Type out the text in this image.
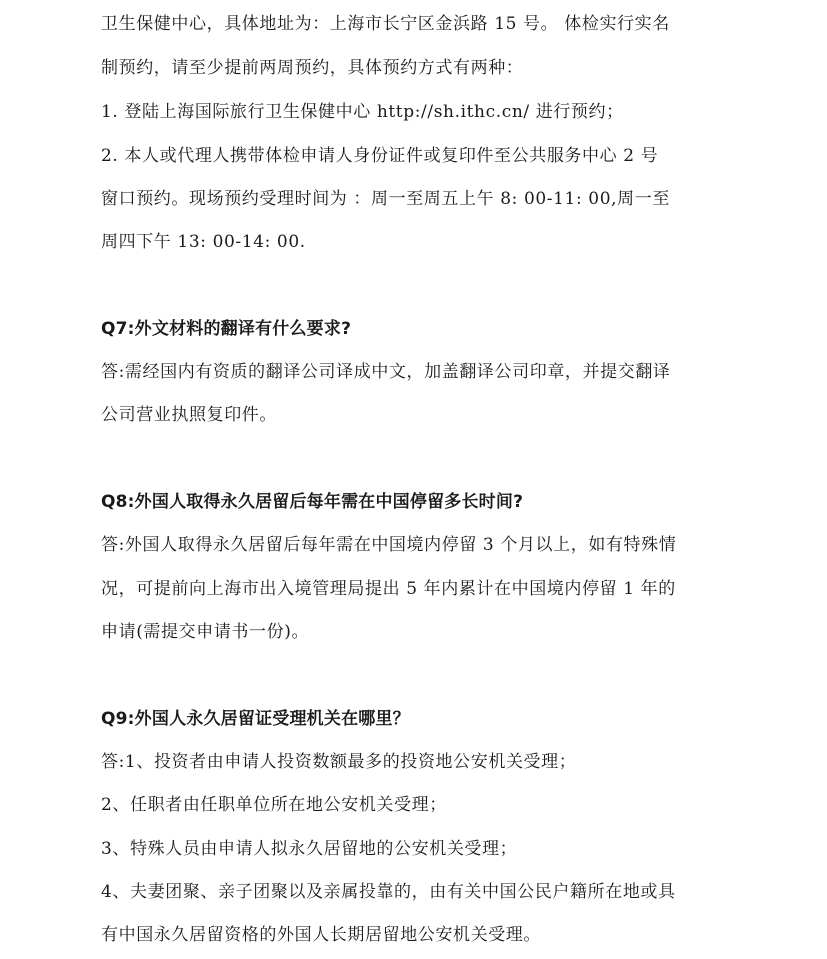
卫生保健中心，具体地址为：上海市长宁区金浜路 15 号。 体检实行实名
制预约，请至少提前两周预约，具体预约方式有两种：
1. 登陆上海国际旅行卫生保健中心 http://sh.ithc.cn/ 进行预约；
2. 本人或代理人携带体检申请人身份证件或复印件至公共服务中心 2 号
窗口预约。现场预约受理时间为 ：周一至周五上午 8: 00-11: 00,周一至
周四下午 13: 00-14: 00.
Q7:外文材料的翻译有什么要求?
答:需经国内有资质的翻译公司译成中文，加盖翻译公司印章，并提交翻译
公司营业执照复印件。
Q8:外国人取得永久居留后每年需在中国停留多长时间?
答:外国人取得永久居留后每年需在中国境内停留 3 个月以上，如有特殊情
况，可提前向上海市出入境管理局提出 5 年内累计在中国境内停留 1 年的
申请(需提交申请书一份)。
Q9:外国人永久居留证受理机关在哪里？
答:1、投资者由申请人投资数额最多的投资地公安机关受理；
2、任职者由任职单位所在地公安机关受理；
3、特殊人员由申请人拟永久居留地的公安机关受理；
4、夫妻团聚、亲子团聚以及亲属投靠的，由有关中国公民户籍所在地或具
有中国永久居留资格的外国人长期居留地公安机关受理。
